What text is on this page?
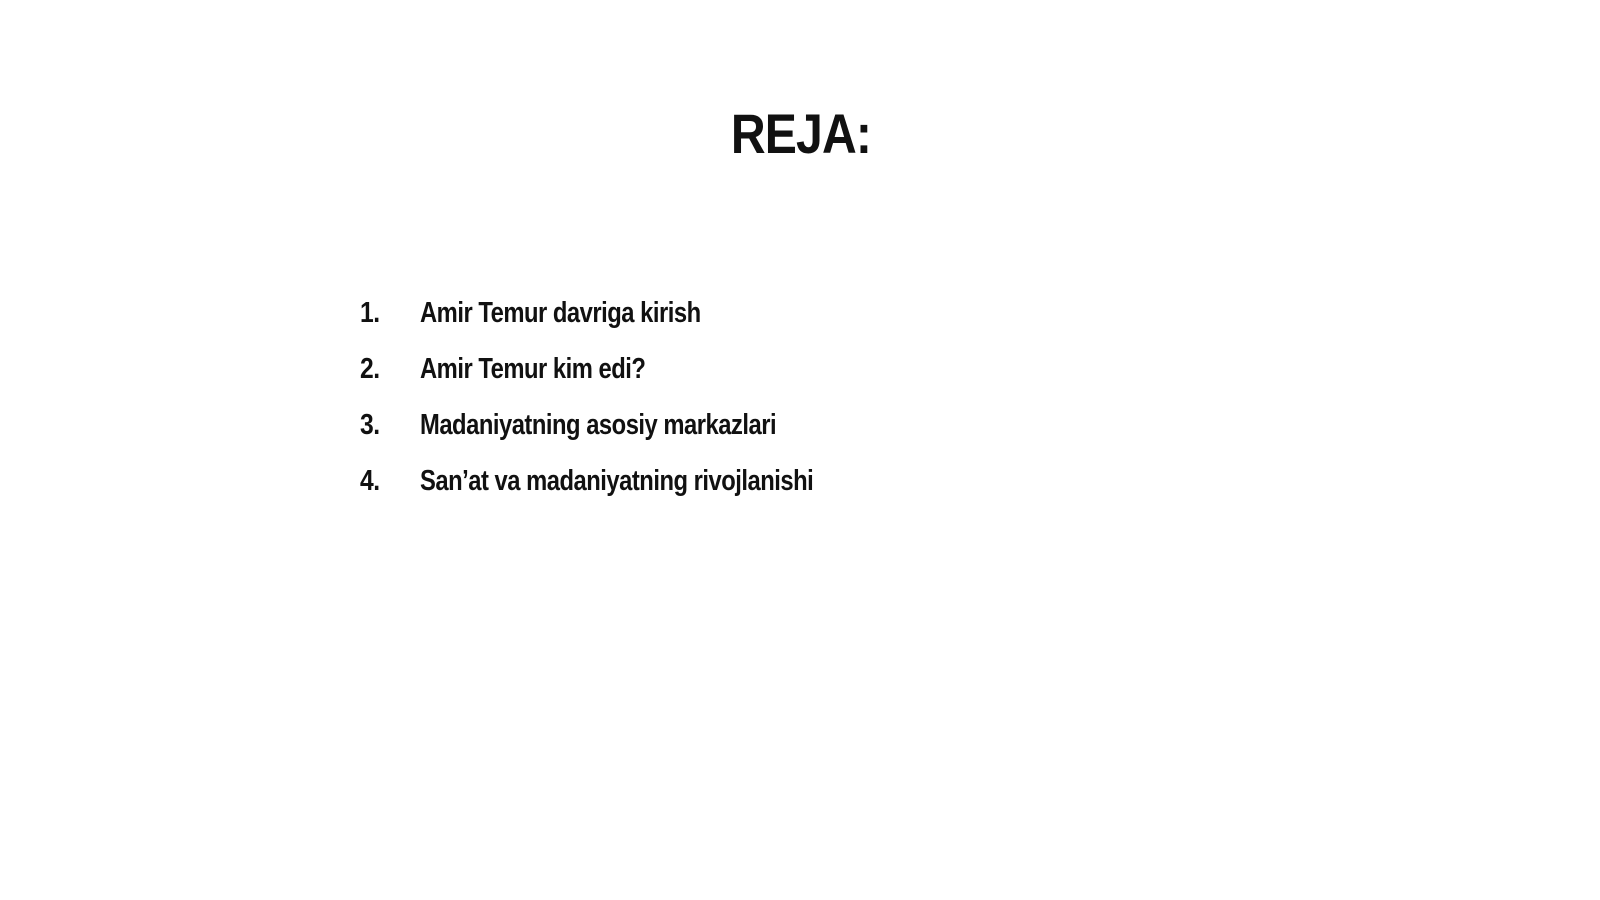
REJA:
1.	Amir Temur davriga kirish
2.	Amir Temur kim edi?
3.	Madaniyatning asosiy markazlari
4.	San’at va madaniyatning rivojlanishi
